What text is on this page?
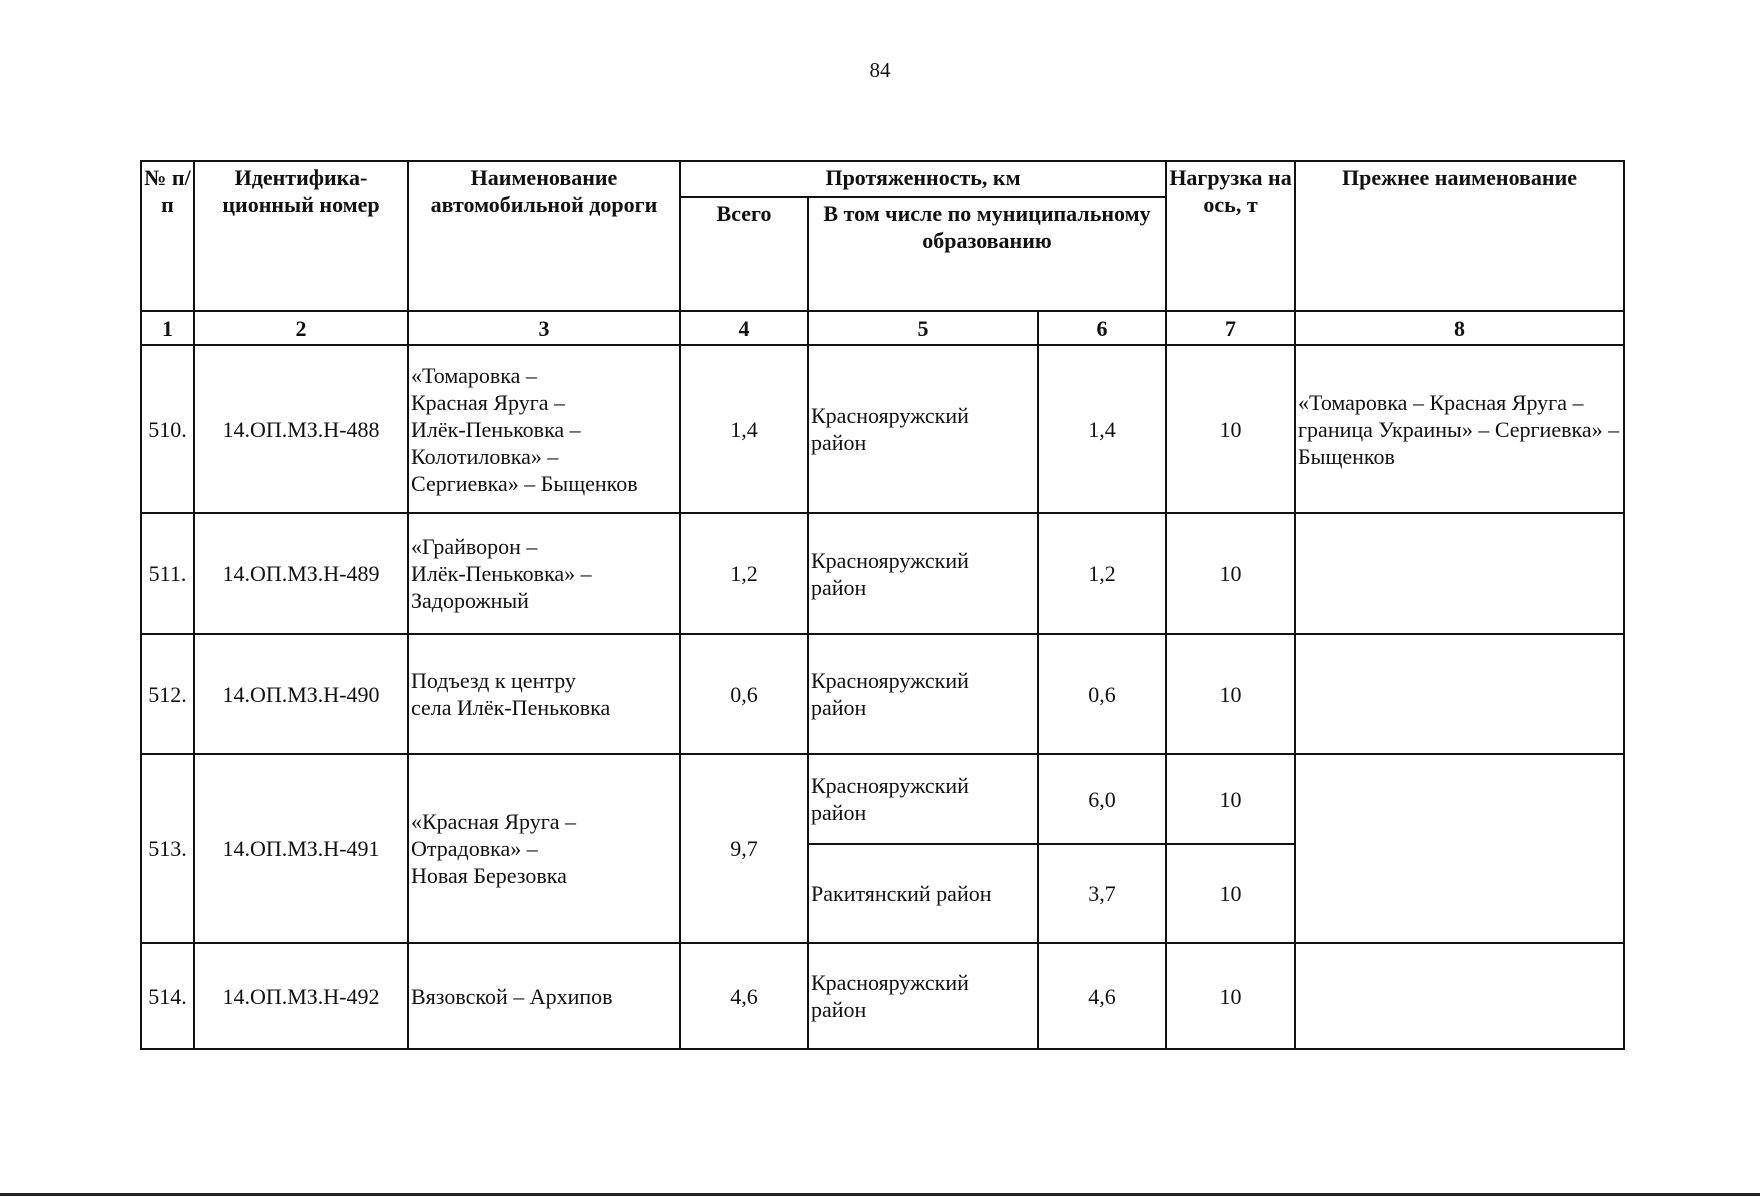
84
№ п/п	Идентифика-ционный номер	Наименование автомобильной дороги	Протяженность, км			Нагрузка на ось, т	Прежнее наименование
			Всего	В том числе по муниципальному образованию			
1	2	3	4	5	6	7	8
510.	14.ОП.МЗ.Н-488	«Томаровка –
Красная Яруга –
Илёк-Пеньковка –
Колотиловка» –
Сергиевка» – Быщенков	1,4	Краснояружский
район	1,4	10	«Томаровка – Красная Яруга – граница Украины» – Сергиевка» – Быщенков
511.	14.ОП.МЗ.Н-489	«Грайворон –
Илёк-Пеньковка» –
Задорожный	1,2	Краснояружский
район	1,2	10	
512.	14.ОП.МЗ.Н-490	Подъезд к центру
села Илёк-Пеньковка	0,6	Краснояружский
район	0,6	10	
513.	14.ОП.МЗ.Н-491	«Красная Яруга –
Отрадовка» –
Новая Березовка	9,7	Краснояружский
район	6,0	10	
				Ракитянский район	3,7	10	
514.	14.ОП.МЗ.Н-492	Вязовской – Архипов	4,6	Краснояружский
район	4,6	10	
